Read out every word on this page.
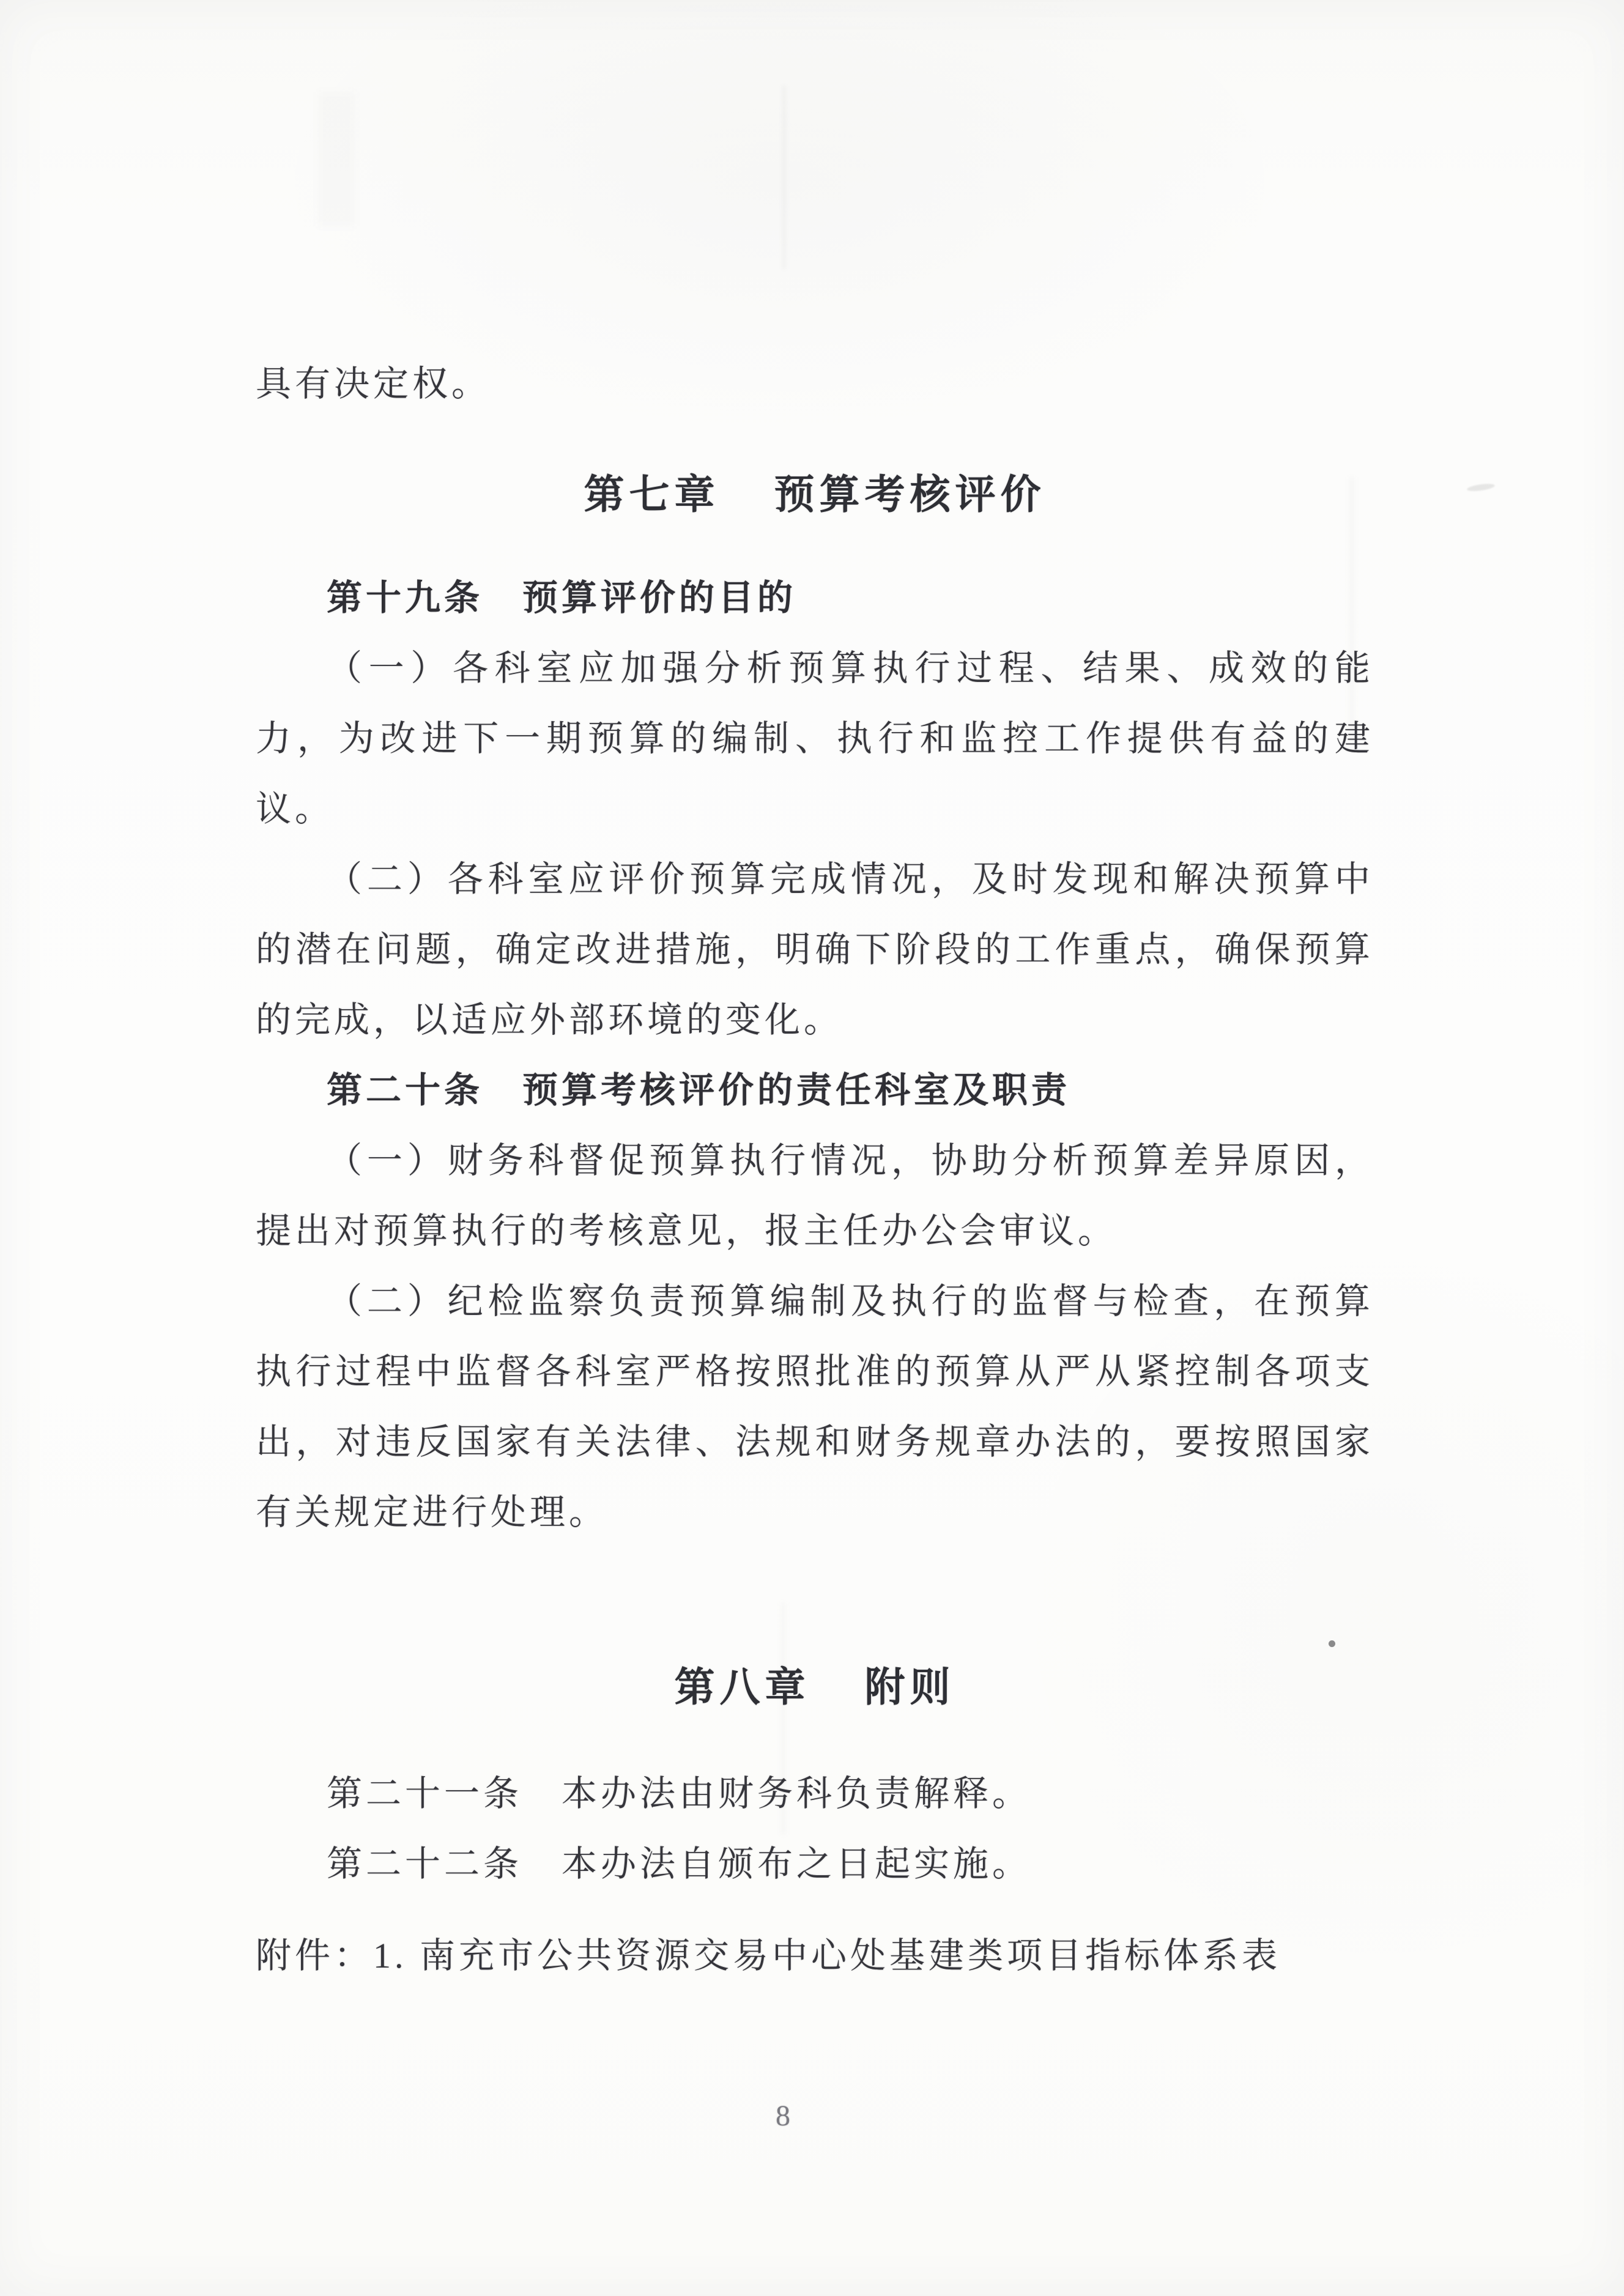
具有决定权。

第七章 预算考核评价

第十九条　预算评价的目的

（一）各科室应加强分析预算执行过程、结果、成效的能力，为改进下一期预算的编制、执行和监控工作提供有益的建议。

（二）各科室应评价预算完成情况，及时发现和解决预算中的潜在问题，确定改进措施，明确下阶段的工作重点，确保预算的完成，以适应外部环境的变化。

第二十条　预算考核评价的责任科室及职责

（一）财务科督促预算执行情况，协助分析预算差异原因，提出对预算执行的考核意见，报主任办公会审议。

（二）纪检监察负责预算编制及执行的监督与检查，在预算执行过程中监督各科室严格按照批准的预算从严从紧控制各项支出，对违反国家有关法律、法规和财务规章办法的，要按照国家有关规定进行处理。

第八章 附则

第二十一条　本办法由财务科负责解释。

第二十二条　本办法自颁布之日起实施。

附件：1. 南充市公共资源交易中心处基建类项目指标体系表

8
